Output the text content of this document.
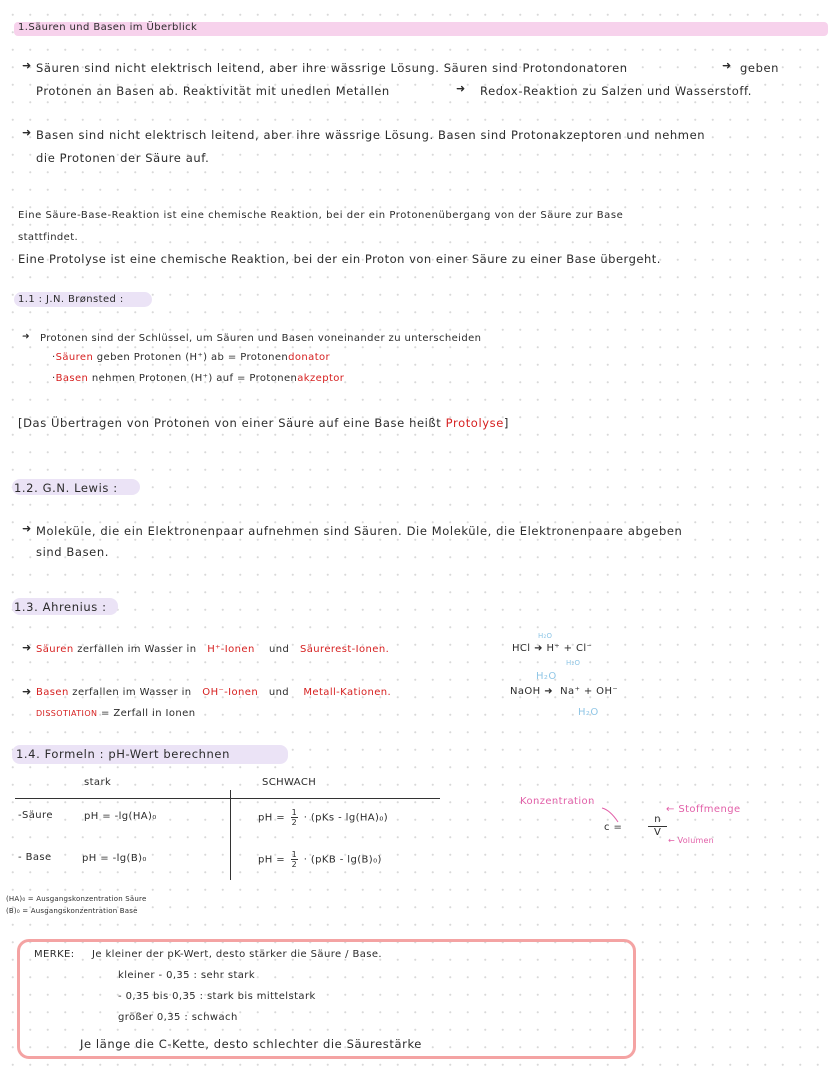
1.Säuren und Basen im Überblick
➜ Säuren sind nicht elektrisch leitend, aber ihre wässrige Lösung. Säuren sind Protondonatoren	➜ geben
Protonen an Basen ab. Reaktivität mit unedlen Metallen	➜ Redox-Reaktion zu Salzen und Wasserstoff.
➜ Basen sind nicht elektrisch leitend, aber ihre wässrige Lösung. Basen sind Protonakzeptoren und nehmen
die Protonen der Säure auf.
Eine Säure-Base-Reaktion ist eine chemische Reaktion, bei der ein Protonenübergang von der Säure zur Base
stattfindet.
Eine Protolyse ist eine chemische Reaktion, bei der ein Proton von einer Säure zu einer Base übergeht.
1.1 : J.N. Brønsted :
➜ Protonen sind der Schlüssel, um Säuren und Basen voneinander zu unterscheiden
·Säuren geben Protonen (H⁺) ab = Protonendonator
·Basen nehmen Protonen (H⁺) auf = Protonenakzeptor
[Das Übertragen von Protonen von einer Säure auf eine Base heißt Protolyse]
1.2. G.N. Lewis :
➜ Moleküle, die ein Elektronenpaar aufnehmen sind Säuren. Die Moleküle, die Elektronenpaare abgeben
sind Basen.
1.3. Ahrenius :
➜ Säuren zerfallen im Wasser in H⁺-Ionen und Säurerest-Ionen.
➜ Basen zerfallen im Wasser in OH⁻-Ionen und Metall-Kationen.
DISSOTIATION = Zerfall in Ionen
H₂O
HCl ➜ H⁺ + Cl⁻
H₂O
H₂O
NaOH ➜ Na⁺ + OH⁻
H₂O
1.4. Formeln : pH-Wert berechnen
stark	SCHWACH
-Säure	pH = -lg(HA)₀	pH = $\frac{1}{2} \cdot (pKs - \lg(HA)_0)$
- Base	pH = -lg(B)₀	pH = $\frac{1}{2} \cdot (pKB - \lg(B)_0)$
(HA)₀ = Ausgangskonzentration Säure
(B)₀ = Ausgangskonzentration Base
Konzentration
c =	$\frac{n}{V}$
← Stoffmenge
← Volumen
MERKE: Je kleiner der pK-Wert, desto stärker die Säure / Base.
kleiner - 0,35 : sehr stark
- 0,35 bis 0,35 : stark bis mittelstark
größer 0,35 : schwach
Je länge die C-Kette, desto schlechter die Säurestärke
